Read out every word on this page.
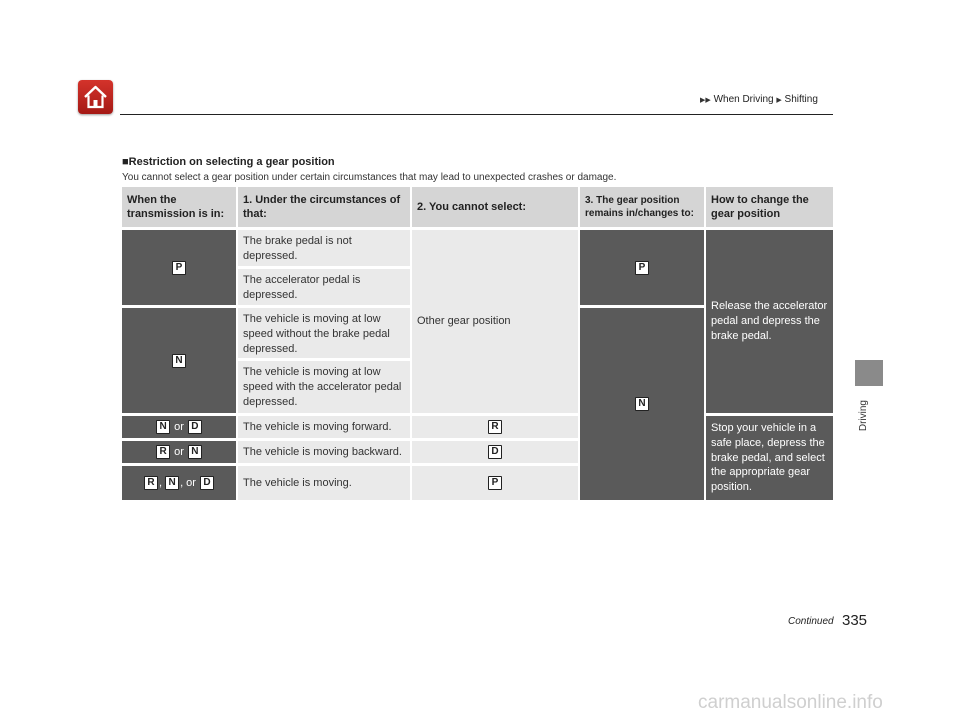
▶▶ When Driving ▶ Shifting
Driving
■Restriction on selecting a gear position
You cannot select a gear position under certain circumstances that may lead to unexpected crashes or damage.
When the transmission is in:
1. Under the circumstances of that:
2. You cannot select:
3. The gear position remains in/changes to:
How to change the gear position
P
N
N or D
R or N
R , N , or D
The brake pedal is not depressed.
The accelerator pedal is depressed.
The vehicle is moving at low speed without the brake pedal depressed.
The vehicle is moving at low speed with the accelerator pedal depressed.
The vehicle is moving forward.
The vehicle is moving backward.
The vehicle is moving.
Other gear position
R
D
P
P
N
Release the accelerator pedal and depress the brake pedal.
Stop your vehicle in a safe place, depress the brake pedal, and select the appropriate gear position.
Continued 335
carmanualsonline.info
